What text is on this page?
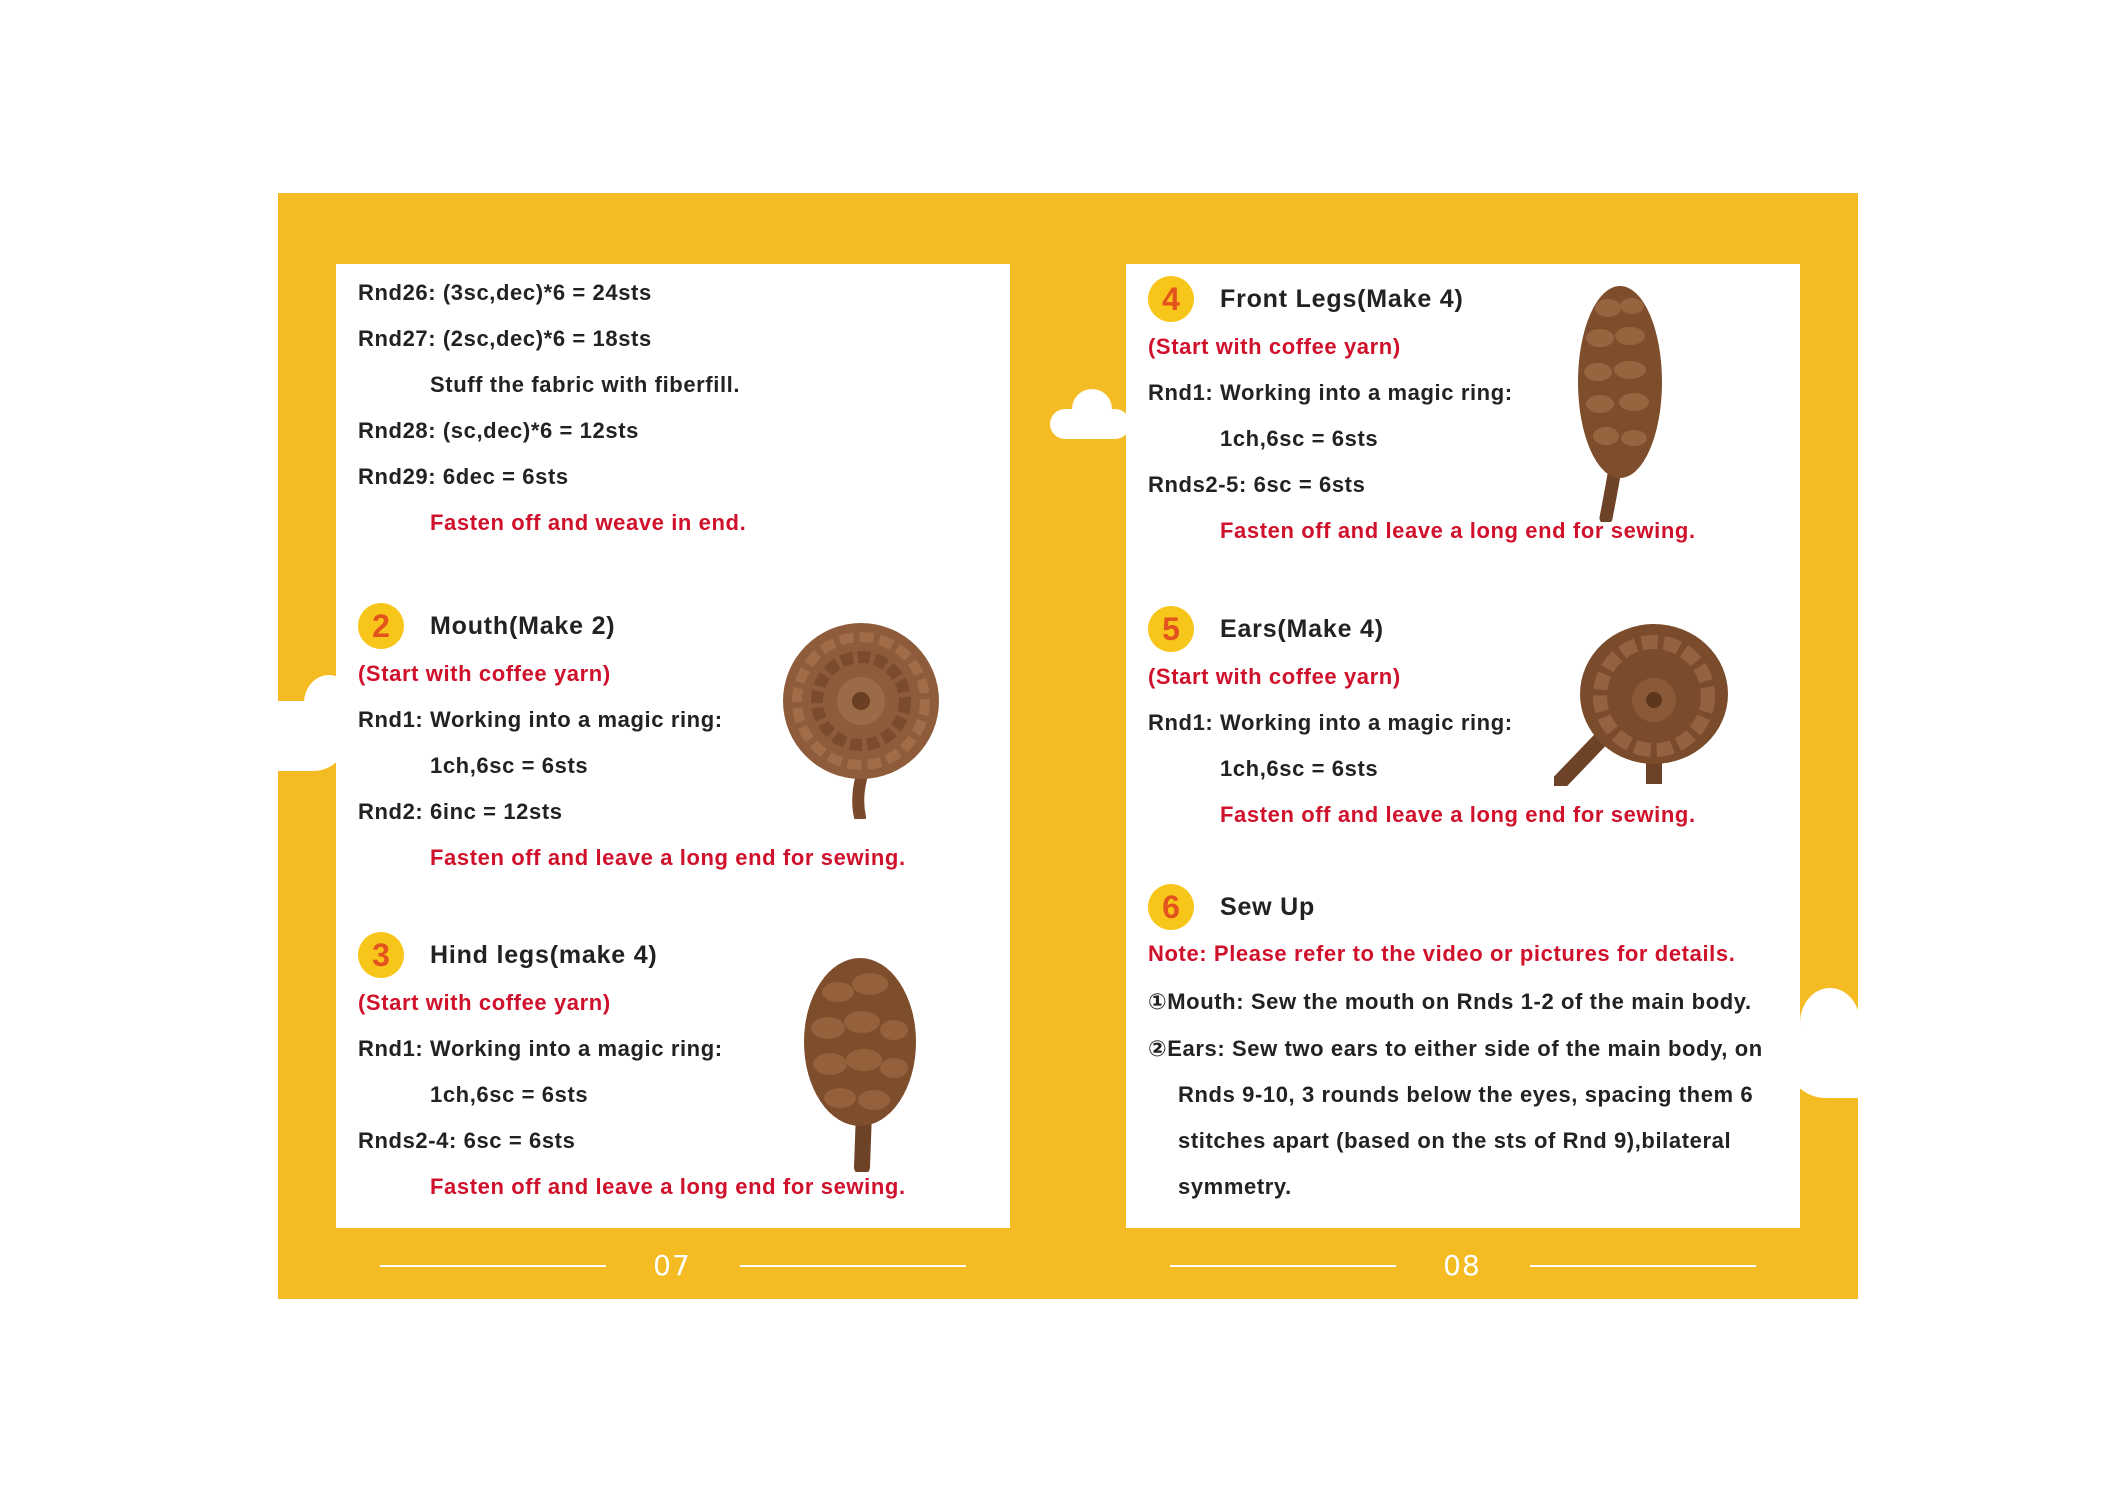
Rnd26: (3sc,dec)*6 = 24sts
Rnd27: (2sc,dec)*6 = 18sts
Stuff the fabric with fiberfill.
Rnd28: (sc,dec)*6 = 12sts
Rnd29: 6dec = 6sts
Fasten off and weave in end.
2	Mouth(Make 2)
(Start with coffee yarn)
Rnd1: Working into a magic ring:
1ch,6sc = 6sts
Rnd2: 6inc = 12sts
Fasten off and leave a long end for sewing.
3	Hind legs(make 4)
(Start with coffee yarn)
Rnd1: Working into a magic ring:
1ch,6sc = 6sts
Rnds2-4: 6sc = 6sts
Fasten off and leave a long end for sewing.
4	Front Legs(Make 4)
(Start with coffee yarn)
Rnd1: Working into a magic ring:
1ch,6sc = 6sts
Rnds2-5: 6sc = 6sts
Fasten off and leave a long end for sewing.
5	Ears(Make 4)
(Start with coffee yarn)
Rnd1: Working into a magic ring:
1ch,6sc = 6sts
Fasten off and leave a long end for sewing.
6	Sew Up
Note: Please refer to the video or pictures for details.
①Mouth: Sew the mouth on Rnds 1-2 of the main body.
②Ears: Sew two ears to either side of the main body, on
Rnds 9-10, 3 rounds below the eyes, spacing them 6
stitches apart (based on the sts of Rnd 9),bilateral
symmetry.
07	08
